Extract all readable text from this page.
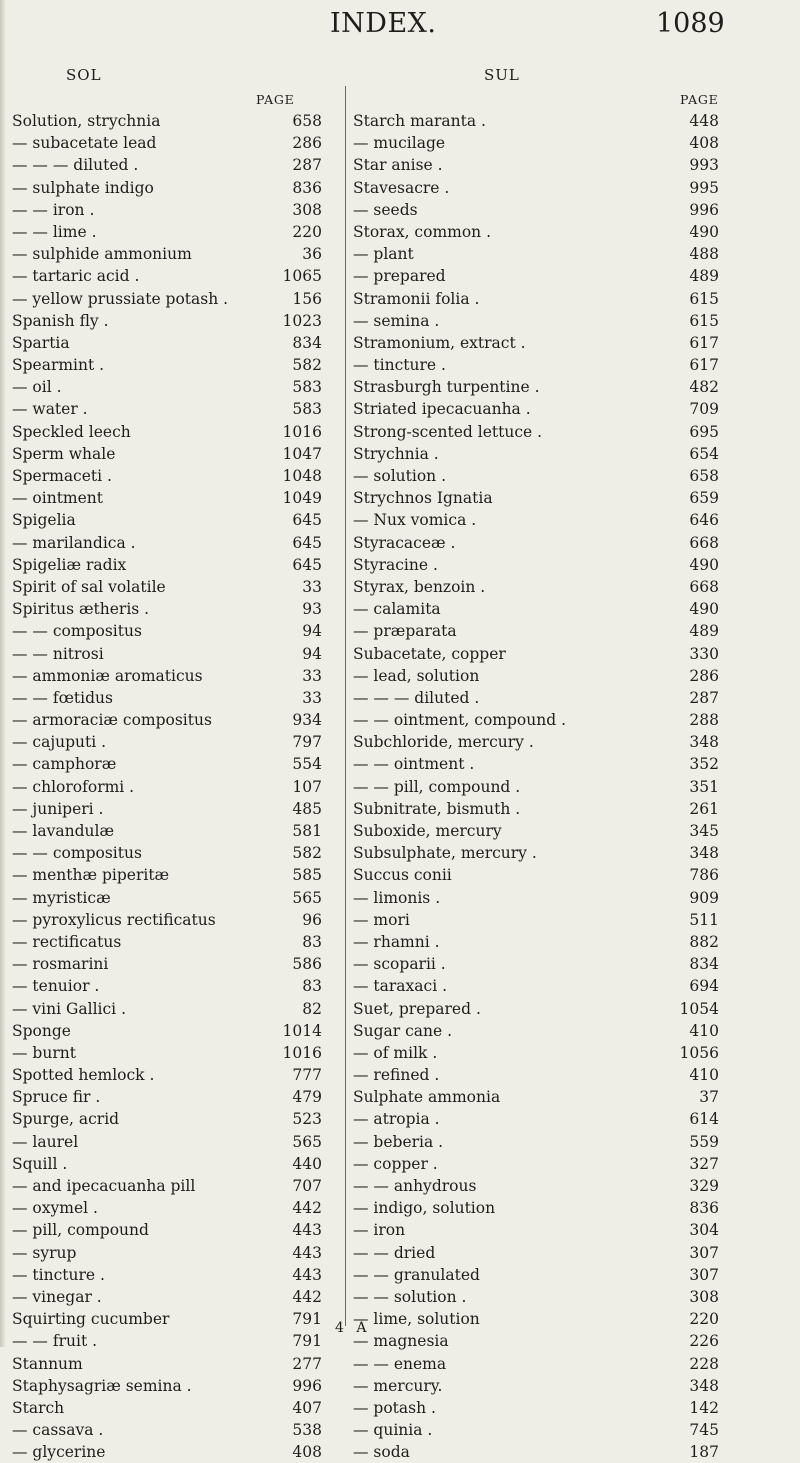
INDEX.	1089
SOL	SUL
PAGE	PAGE
Solution, strychnia	658
— subacetate lead	286
— — — diluted .	287
— sulphate indigo	836
— — iron .	308
— — lime .	220
— sulphide ammonium	36
— tartaric acid .	1065
— yellow prussiate potash .	156
Spanish fly .	1023
Spartia	834
Spearmint .	582
— oil .	583
— water .	583
Speckled leech	1016
Sperm whale	1047
Spermaceti .	1048
— ointment	1049
Spigelia	645
— marilandica .	645
Spigeliæ radix	645
Spirit of sal volatile	33
Spiritus ætheris .	93
— — compositus	94
— — nitrosi	94
— ammoniæ aromaticus	33
— — fœtidus	33
— armoraciæ compositus	934
— cajuputi .	797
— camphoræ	554
— chloroformi .	107
— juniperi .	485
— lavandulæ	581
— — compositus	582
— menthæ piperitæ	585
— myristicæ	565
— pyroxylicus rectificatus	96
— rectificatus	83
— rosmarini	586
— tenuior .	83
— vini Gallici .	82
Sponge	1014
— burnt	1016
Spotted hemlock .	777
Spruce fir .	479
Spurge, acrid	523
— laurel	565
Squill .	440
— and ipecacuanha pill	707
— oxymel .	442
— pill, compound	443
— syrup	443
— tincture .	443
— vinegar .	442
Squirting cucumber	791
— — fruit .	791
Stannum	277
Staphysagriæ semina .	996
Starch	407
— cassava .	538
— glycerine	408
Starch maranta .	448
— mucilage	408
Star anise .	993
Stavesacre .	995
— seeds	996
Storax, common .	490
— plant	488
— prepared	489
Stramonii folia .	615
— semina .	615
Stramonium, extract .	617
— tincture .	617
Strasburgh turpentine .	482
Striated ipecacuanha .	709
Strong-scented lettuce .	695
Strychnia .	654
— solution .	658
Strychnos Ignatia	659
— Nux vomica .	646
Styracaceæ .	668
Styracine .	490
Styrax, benzoin .	668
— calamita	490
— præparata	489
Subacetate, copper	330
— lead, solution	286
— — — diluted .	287
— — ointment, compound .	288
Subchloride, mercury .	348
— — ointment .	352
— — pill, compound .	351
Subnitrate, bismuth .	261
Suboxide, mercury	345
Subsulphate, mercury .	348
Succus conii	786
— limonis .	909
— mori	511
— rhamni .	882
— scoparii .	834
— taraxaci .	694
Suet, prepared .	1054
Sugar cane .	410
— of milk .	1056
— refined .	410
Sulphate ammonia	37
— atropia .	614
— beberia .	559
— copper .	327
— — anhydrous	329
— indigo, solution	836
— iron	304
— — dried	307
— — granulated	307
— — solution .	308
— lime, solution	220
— magnesia	226
— — enema	228
— mercury.	348
— potash .	142
— quinia .	745
— soda	187
4 A
